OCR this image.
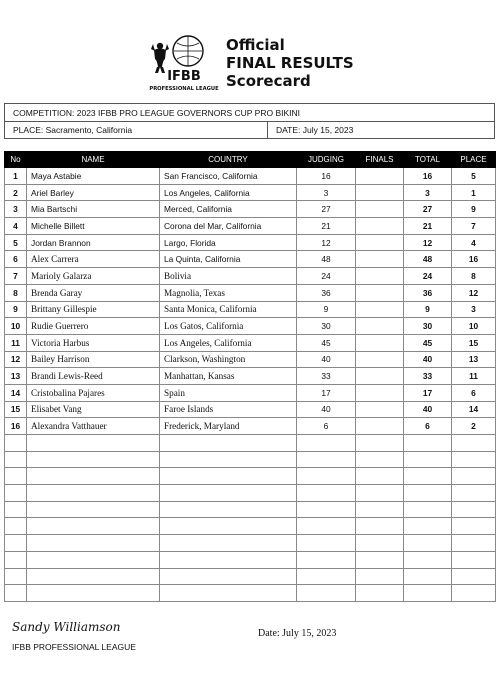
IFBB
PROFESSIONAL LEAGUE
Official
FINAL RESULTS
Scorecard
COMPETITION: 2023 IFBB PRO LEAGUE GOVERNORS CUP PRO BIKINI
PLACE: Sacramento, California	DATE: July 15, 2023
No	NAME	COUNTRY	JUDGING	FINALS	TOTAL	PLACE
1	Maya Astabie	San Francisco, California	16		16	5
2	Ariel Barley	Los Angeles, California	3		3	1
3	Mia Bartschi	Merced, California	27		27	9
4	Michelle Billett	Corona del Mar, California	21		21	7
5	Jordan Brannon	Largo, Florida	12		12	4
6	Alex Carrera	La Quinta, California	48		48	16
7	Marioly Galarza	Bolivia	24		24	8
8	Brenda Garay	Magnolia, Texas	36		36	12
9	Brittany Gillespie	Santa Monica, California	9		9	3
10	Rudie Guerrero	Los Gatos, California	30		30	10
11	Victoria Harbus	Los Angeles, California	45		45	15
12	Bailey Harrison	Clarkson, Washington	40		40	13
13	Brandi Lewis-Reed	Manhattan, Kansas	33		33	11
14	Cristobalina Pajares	Spain	17		17	6
15	Elisabet Vang	Faroe Islands	40		40	14
16	Alexandra Vatthauer	Frederick, Maryland	6		6	2

Sandy Williamson
IFBB PROFESSIONAL LEAGUE
Date: July 15, 2023
